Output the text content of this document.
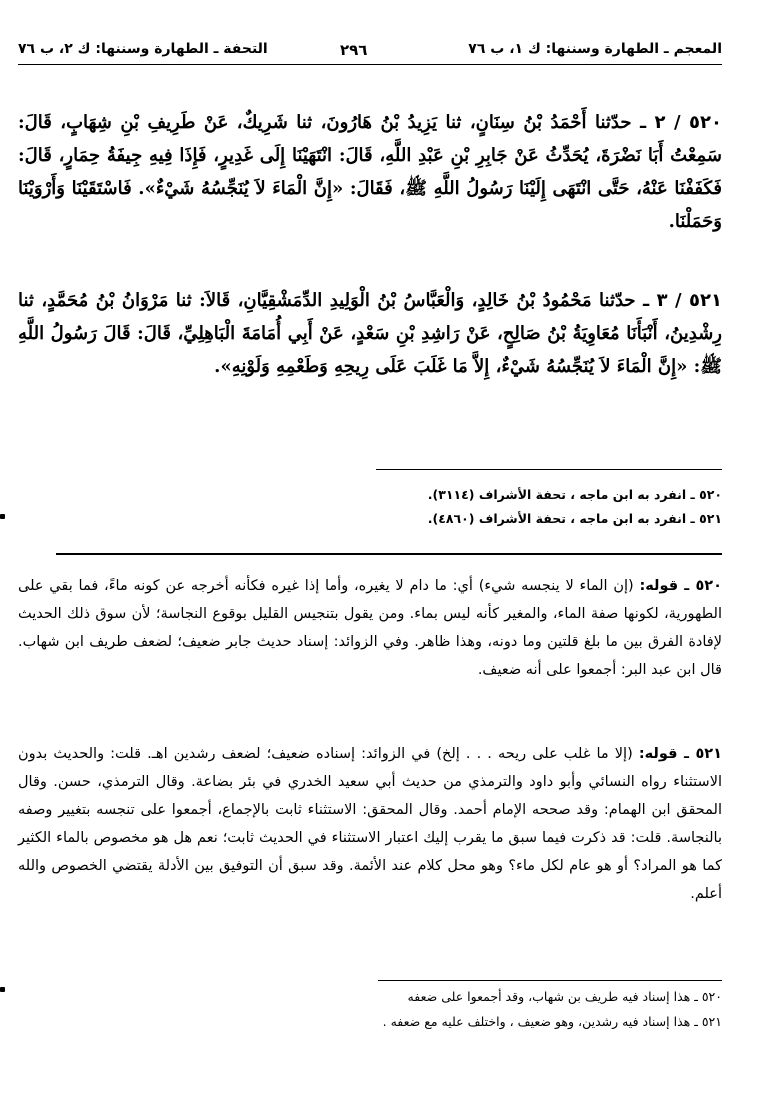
المعجم ـ الطهارة وسننها: ك ١، ب ٧٦
٢٩٦
التحفة ـ الطهارة وسننها: ك ٢، ب ٧٦
٥٢٠ / ٢ ـ حدّثنا أَحْمَدُ بْنُ سِنَانٍ، ثنا يَزِيدُ بْنُ هَارُونَ، ثنا شَرِيكٌ، عَنْ طَرِيفِ بْنِ شِهَابٍ، قَالَ: سَمِعْتُ أَبَا نَضْرَةَ، يُحَدِّثُ عَنْ جَابِرِ بْنِ عَبْدِ اللَّهِ، قَالَ: انْتَهَيْنَا إِلَى غَدِيرٍ، فَإِذَا فِيهِ جِيفَةُ حِمَارٍ، قَالَ: فَكَفَفْنَا عَنْهُ، حَتَّى انْتَهَى إِلَيْنَا رَسُولُ اللَّهِ ﷺ، فَقَالَ: «إِنَّ الْمَاءَ لاَ يُنَجِّسُهُ شَيْءٌ». فَاسْتَقَيْنَا وَأَرْوَيْنَا وَحَمَلْنَا.
٥٢١ / ٣ ـ حدّثنا مَحْمُودُ بْنُ خَالِدٍ، وَالْعَبَّاسُ بْنُ الْوَلِيدِ الدِّمَشْقِيَّانِ، قَالاَ: ثنا مَرْوَانُ بْنُ مُحَمَّدٍ، ثنا رِشْدِينُ، أَنْبَأَنَا مُعَاوِيَةُ بْنُ صَالِحٍ، عَنْ رَاشِدِ بْنِ سَعْدٍ، عَنْ أَبِي أُمَامَةَ الْبَاهِلِيِّ، قَالَ: قَالَ رَسُولُ اللَّهِ ﷺ: «إِنَّ الْمَاءَ لاَ يُنَجِّسُهُ شَيْءٌ، إِلاَّ مَا غَلَبَ عَلَى رِيحِهِ وَطَعْمِهِ وَلَوْنِهِ».
٥٢٠ ـ انفرد به ابن ماجه ، تحفة الأشراف (٣١١٤).
٥٢١ ـ انفرد به ابن ماجه ، تحفة الأشراف (٤٨٦٠).
٥٢٠ ـ قوله: (إن الماء لا ينجسه شيء) أي: ما دام لا يغيره، وأما إذا غيره فكأنه أخرجه عن كونه ماءً، فما بقي على الطهورية، لكونها صفة الماء، والمغير كأنه ليس بماء. ومن يقول بتنجيس القليل بوقوع النجاسة؛ لأن سوق ذلك الحديث لإفادة الفرق بين ما بلغ قلتين وما دونه، وهذا ظاهر. وفي الزوائد: إسناد حديث جابر ضعيف؛ لضعف طريف ابن شهاب. قال ابن عبد البر: أجمعوا على أنه ضعيف.
٥٢١ ـ قوله: (إلا ما غلب على ريحه . . . إلخ) في الزوائد: إسناده ضعيف؛ لضعف رشدين اهـ. قلت: والحديث بدون الاستثناء رواه النسائي وأبو داود والترمذي من حديث أبي سعيد الخدري في بئر بضاعة. وقال الترمذي، حسن. وقال المحقق ابن الهمام: وقد صححه الإمام أحمد. وقال المحقق: الاستثناء ثابت بالإجماع، أجمعوا على تنجسه بتغيير وصفه بالنجاسة. قلت: قد ذكرت فيما سبق ما يقرب إليك اعتبار الاستثناء في الحديث ثابت؛ نعم هل هو مخصوص بالماء الكثير كما هو المراد؟ أو هو عام لكل ماء؟ وهو محل كلام عند الأئمة. وقد سبق أن التوفيق بين الأدلة يقتضي الخصوص والله أعلم.
٥٢٠ ـ هذا إسناد فيه طريف بن شهاب، وقد أجمعوا على ضعفه
٥٢١ ـ هذا إسناد فيه رشدين، وهو ضعيف ، واختلف عليه مع ضعفه .
